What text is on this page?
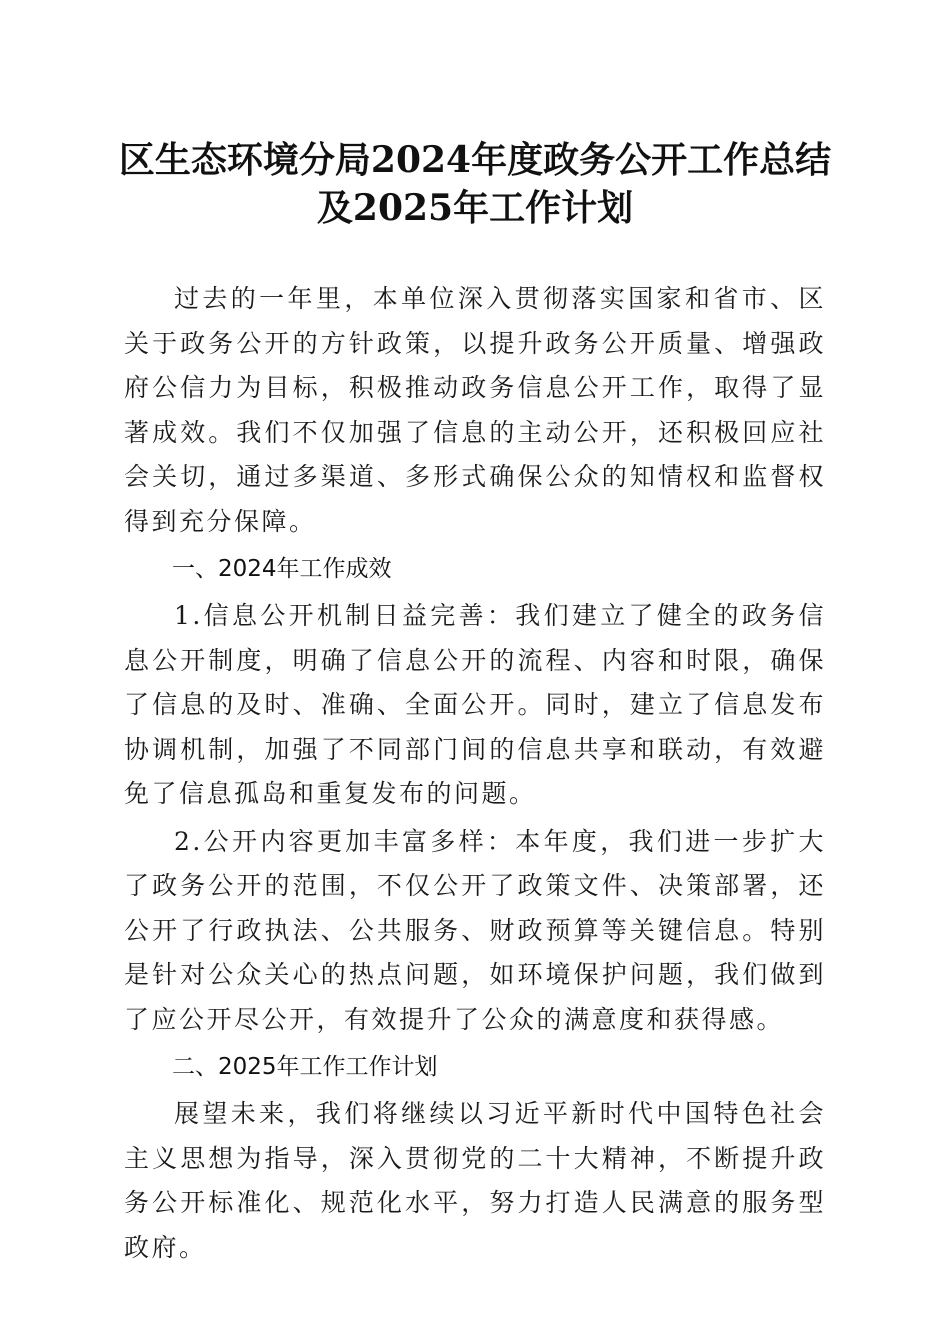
区生态环境分局2024年度政务公开工作总结
及2025年工作计划

过去的一年里，本单位深入贯彻落实国家和省市、区关于政务公开的方针政策，以提升政务公开质量、增强政府公信力为目标，积极推动政务信息公开工作，取得了显著成效。我们不仅加强了信息的主动公开，还积极回应社会关切，通过多渠道、多形式确保公众的知情权和监督权得到充分保障。

一、2024年工作成效

1.信息公开机制日益完善：我们建立了健全的政务信息公开制度，明确了信息公开的流程、内容和时限，确保了信息的及时、准确、全面公开。同时，建立了信息发布协调机制，加强了不同部门间的信息共享和联动，有效避免了信息孤岛和重复发布的问题。

2.公开内容更加丰富多样：本年度，我们进一步扩大了政务公开的范围，不仅公开了政策文件、决策部署，还公开了行政执法、公共服务、财政预算等关键信息。特别是针对公众关心的热点问题，如环境保护问题，我们做到了应公开尽公开，有效提升了公众的满意度和获得感。

二、2025年工作工作计划

展望未来，我们将继续以习近平新时代中国特色社会主义思想为指导，深入贯彻党的二十大精神，不断提升政务公开标准化、规范化水平，努力打造人民满意的服务型政府。
